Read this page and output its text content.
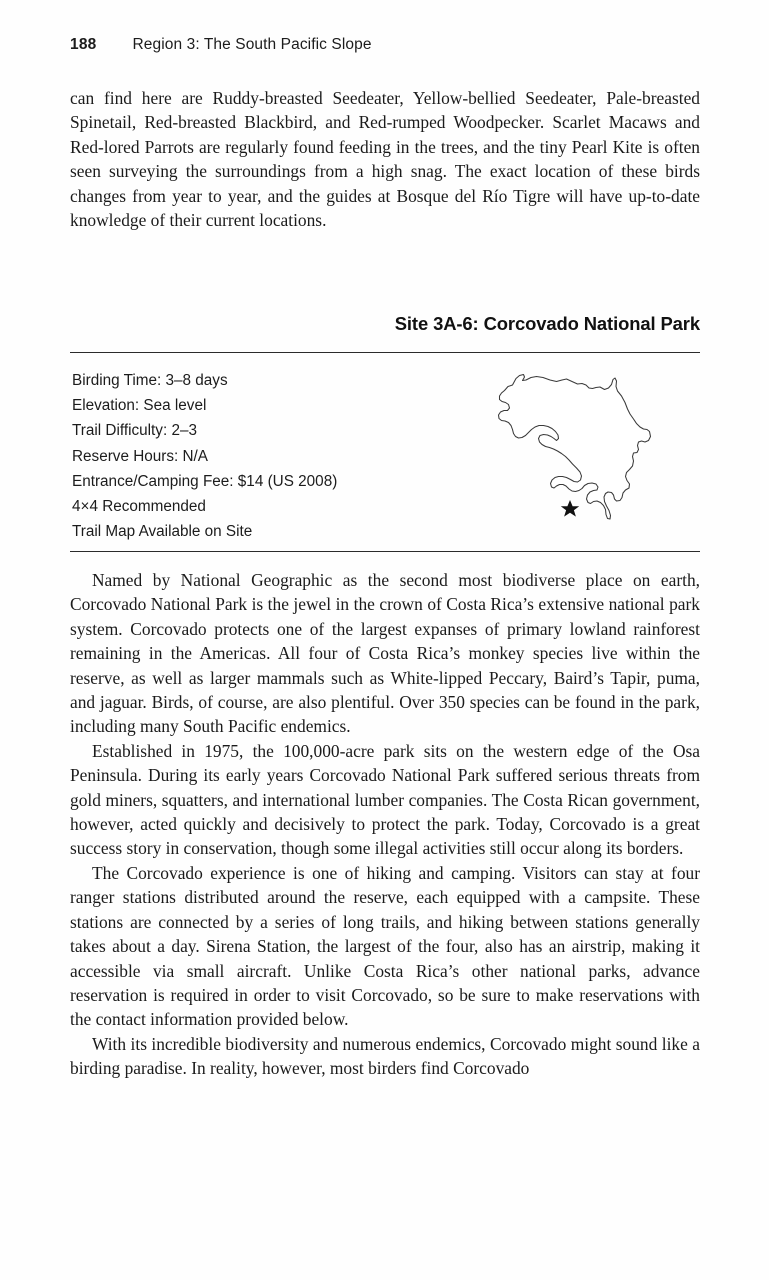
188 Region 3: The South Pacific Slope

can find here are Ruddy-breasted Seedeater, Yellow-bellied Seedeater, Pale-breasted Spinetail, Red-breasted Blackbird, and Red-rumped Woodpecker. Scarlet Macaws and Red-lored Parrots are regularly found feeding in the trees, and the tiny Pearl Kite is often seen surveying the surroundings from a high snag. The exact location of these birds changes from year to year, and the guides at Bosque del Río Tigre will have up-to-date knowledge of their current locations.

Site 3A-6: Corcovado National Park
Birding Time: 3–8 days
Elevation: Sea level
Trail Difficulty: 2–3
Reserve Hours: N/A
Entrance/Camping Fee: $14 (US 2008)
4×4 Recommended
Trail Map Available on Site

Named by National Geographic as the second most biodiverse place on earth, Corcovado National Park is the jewel in the crown of Costa Rica’s extensive national park system. Corcovado protects one of the largest expanses of primary lowland rainforest remaining in the Americas. All four of Costa Rica’s monkey species live within the reserve, as well as larger mammals such as White-lipped Peccary, Baird’s Tapir, puma, and jaguar. Birds, of course, are also plentiful. Over 350 species can be found in the park, including many South Pacific endemics.

Established in 1975, the 100,000-acre park sits on the western edge of the Osa Peninsula. During its early years Corcovado National Park suffered serious threats from gold miners, squatters, and international lumber companies. The Costa Rican government, however, acted quickly and decisively to protect the park. Today, Corcovado is a great success story in conservation, though some illegal activities still occur along its borders.

The Corcovado experience is one of hiking and camping. Visitors can stay at four ranger stations distributed around the reserve, each equipped with a campsite. These stations are connected by a series of long trails, and hiking between stations generally takes about a day. Sirena Station, the largest of the four, also has an airstrip, making it accessible via small aircraft. Unlike Costa Rica’s other national parks, advance reservation is required in order to visit Corcovado, so be sure to make reservations with the contact information provided below.

With its incredible biodiversity and numerous endemics, Corcovado might sound like a birding paradise. In reality, however, most birders find Corcovado
